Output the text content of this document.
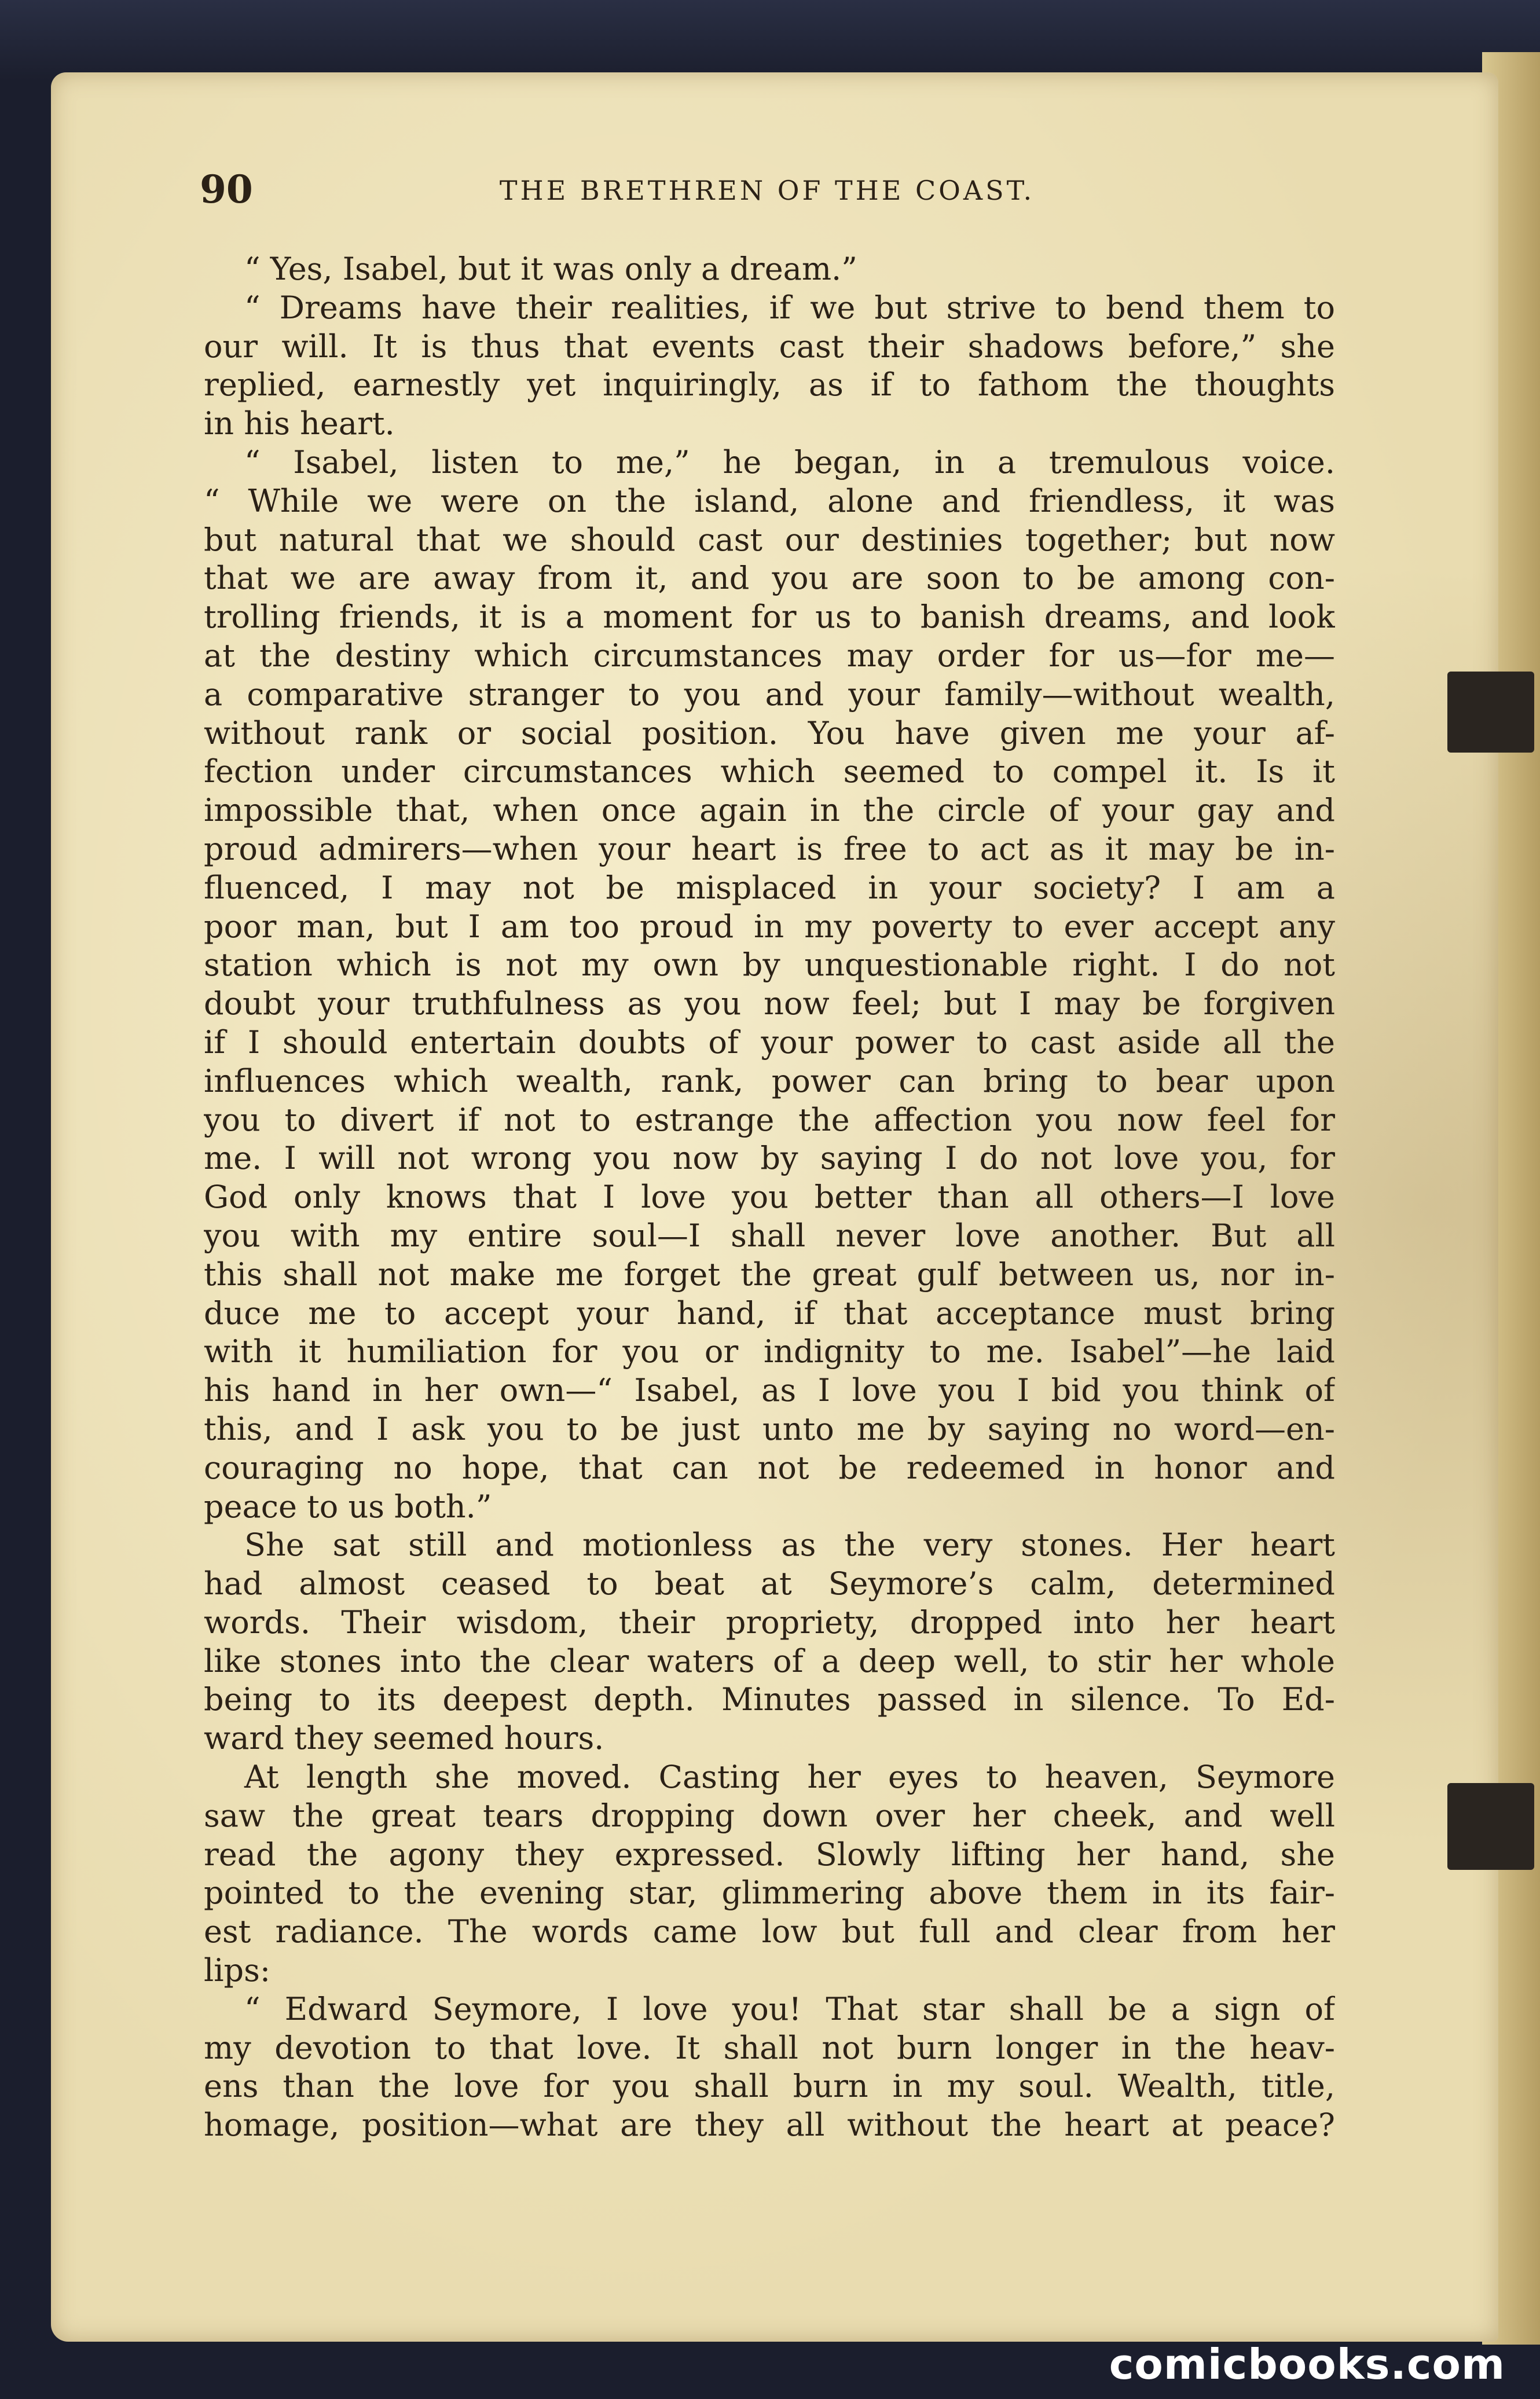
90	THE BRETHREN OF THE COAST.
“ Yes, Isabel, but it was only a dream.”
“ Dreams have their realities, if we but strive to bend them to
our will. It is thus that events cast their shadows before,” she
replied, earnestly yet inquiringly, as if to fathom the thoughts
in his heart.
“ Isabel, listen to me,” he began, in a tremulous voice.
“ While we were on the island, alone and friendless, it was
but natural that we should cast our destinies together; but now
that we are away from it, and you are soon to be among con-
trolling friends, it is a moment for us to banish dreams, and look
at the destiny which circumstances may order for us—for me—
a comparative stranger to you and your family—without wealth,
without rank or social position. You have given me your af-
fection under circumstances which seemed to compel it. Is it
impossible that, when once again in the circle of your gay and
proud admirers—when your heart is free to act as it may be in-
fluenced, I may not be misplaced in your society? I am a
poor man, but I am too proud in my poverty to ever accept any
station which is not my own by unquestionable right. I do not
doubt your truthfulness as you now feel; but I may be forgiven
if I should entertain doubts of your power to cast aside all the
influences which wealth, rank, power can bring to bear upon
you to divert if not to estrange the affection you now feel for
me. I will not wrong you now by saying I do not love you, for
God only knows that I love you better than all others—I love
you with my entire soul—I shall never love another. But all
this shall not make me forget the great gulf between us, nor in-
duce me to accept your hand, if that acceptance must bring
with it humiliation for you or indignity to me. Isabel”—he laid
his hand in her own—“ Isabel, as I love you I bid you think of
this, and I ask you to be just unto me by saying no word—en-
couraging no hope, that can not be redeemed in honor and
peace to us both.”
She sat still and motionless as the very stones. Her heart
had almost ceased to beat at Seymore’s calm, determined
words. Their wisdom, their propriety, dropped into her heart
like stones into the clear waters of a deep well, to stir her whole
being to its deepest depth. Minutes passed in silence. To Ed-
ward they seemed hours.
At length she moved. Casting her eyes to heaven, Seymore
saw the great tears dropping down over her cheek, and well
read the agony they expressed. Slowly lifting her hand, she
pointed to the evening star, glimmering above them in its fair-
est radiance. The words came low but full and clear from her
lips:
“ Edward Seymore, I love you! That star shall be a sign of
my devotion to that love. It shall not burn longer in the heav-
ens than the love for you shall burn in my soul. Wealth, title,
homage, position—what are they all without the heart at peace?
comicbooks.com
